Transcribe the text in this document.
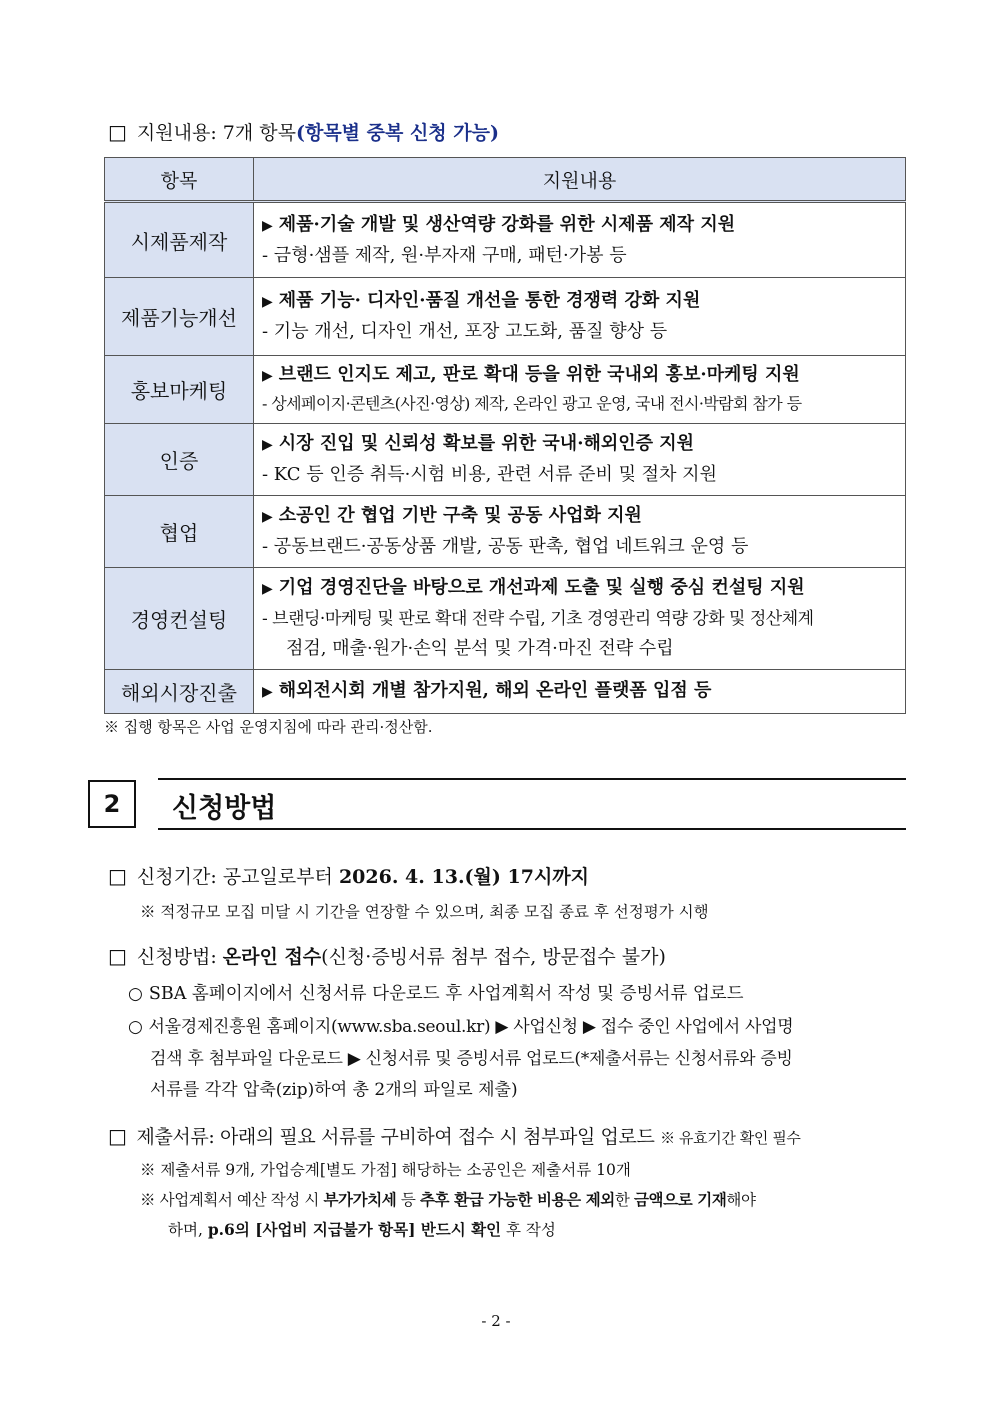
□ 지원내용: 7개 항목(항목별 중복 신청 가능)
항목	지원내용
시제품제작	▶ 제품·기술 개발 및 생산역량 강화를 위한 시제품 제작 지원
- 금형·샘플 제작, 원·부자재 구매, 패턴·가봉 등

제품기능개선	▶ 제품 기능· 디자인·품질 개선을 통한 경쟁력 강화 지원
- 기능 개선, 디자인 개선, 포장 고도화, 품질 향상 등

홍보마케팅	▶ 브랜드 인지도 제고, 판로 확대 등을 위한 국내외 홍보·마케팅 지원
- 상세페이지·콘텐츠(사진·영상) 제작, 온라인 광고 운영, 국내 전시·박람회 참가 등

인증	▶ 시장 진입 및 신뢰성 확보를 위한 국내·해외인증 지원
- KC 등 인증 취득·시험 비용, 관련 서류 준비 및 절차 지원

협업	▶ 소공인 간 협업 기반 구축 및 공동 사업화 지원
- 공동브랜드·공동상품 개발, 공동 판촉, 협업 네트워크 운영 등

경영컨설팅	▶ 기업 경영진단을 바탕으로 개선과제 도출 및 실행 중심 컨설팅 지원
- 브랜딩·마케팅 및 판로 확대 전략 수립, 기초 경영관리 역량 강화 및 정산체계
점검, 매출·원가·손익 분석 및 가격·마진 전략 수립

해외시장진출	▶ 해외전시회 개별 참가지원, 해외 온라인 플랫폼 입점 등
※ 집행 항목은 사업 운영지침에 따라 관리·정산함.
2	신청방법
□ 신청기간: 공고일로부터 2026. 4. 13.(월) 17시까지
※ 적정규모 모집 미달 시 기간을 연장할 수 있으며, 최종 모집 종료 후 선정평가 시행
□ 신청방법: 온라인 접수(신청·증빙서류 첨부 접수, 방문접수 불가)
○ SBA 홈페이지에서 신청서류 다운로드 후 사업계획서 작성 및 증빙서류 업로드
○ 서울경제진흥원 홈페이지(www.sba.seoul.kr) ▶ 사업신청 ▶ 접수 중인 사업에서 사업명
검색 후 첨부파일 다운로드 ▶ 신청서류 및 증빙서류 업로드(*제출서류는 신청서류와 증빙
서류를 각각 압축(zip)하여 총 2개의 파일로 제출)
□ 제출서류: 아래의 필요 서류를 구비하여 접수 시 첨부파일 업로드 ※ 유효기간 확인 필수
※ 제출서류 9개, 가업승계[별도 가점] 해당하는 소공인은 제출서류 10개
※ 사업계획서 예산 작성 시 부가가치세 등 추후 환급 가능한 비용은 제외한 금액으로 기재해야
하며, p.6의 [사업비 지급불가 항목] 반드시 확인 후 작성
- 2 -
